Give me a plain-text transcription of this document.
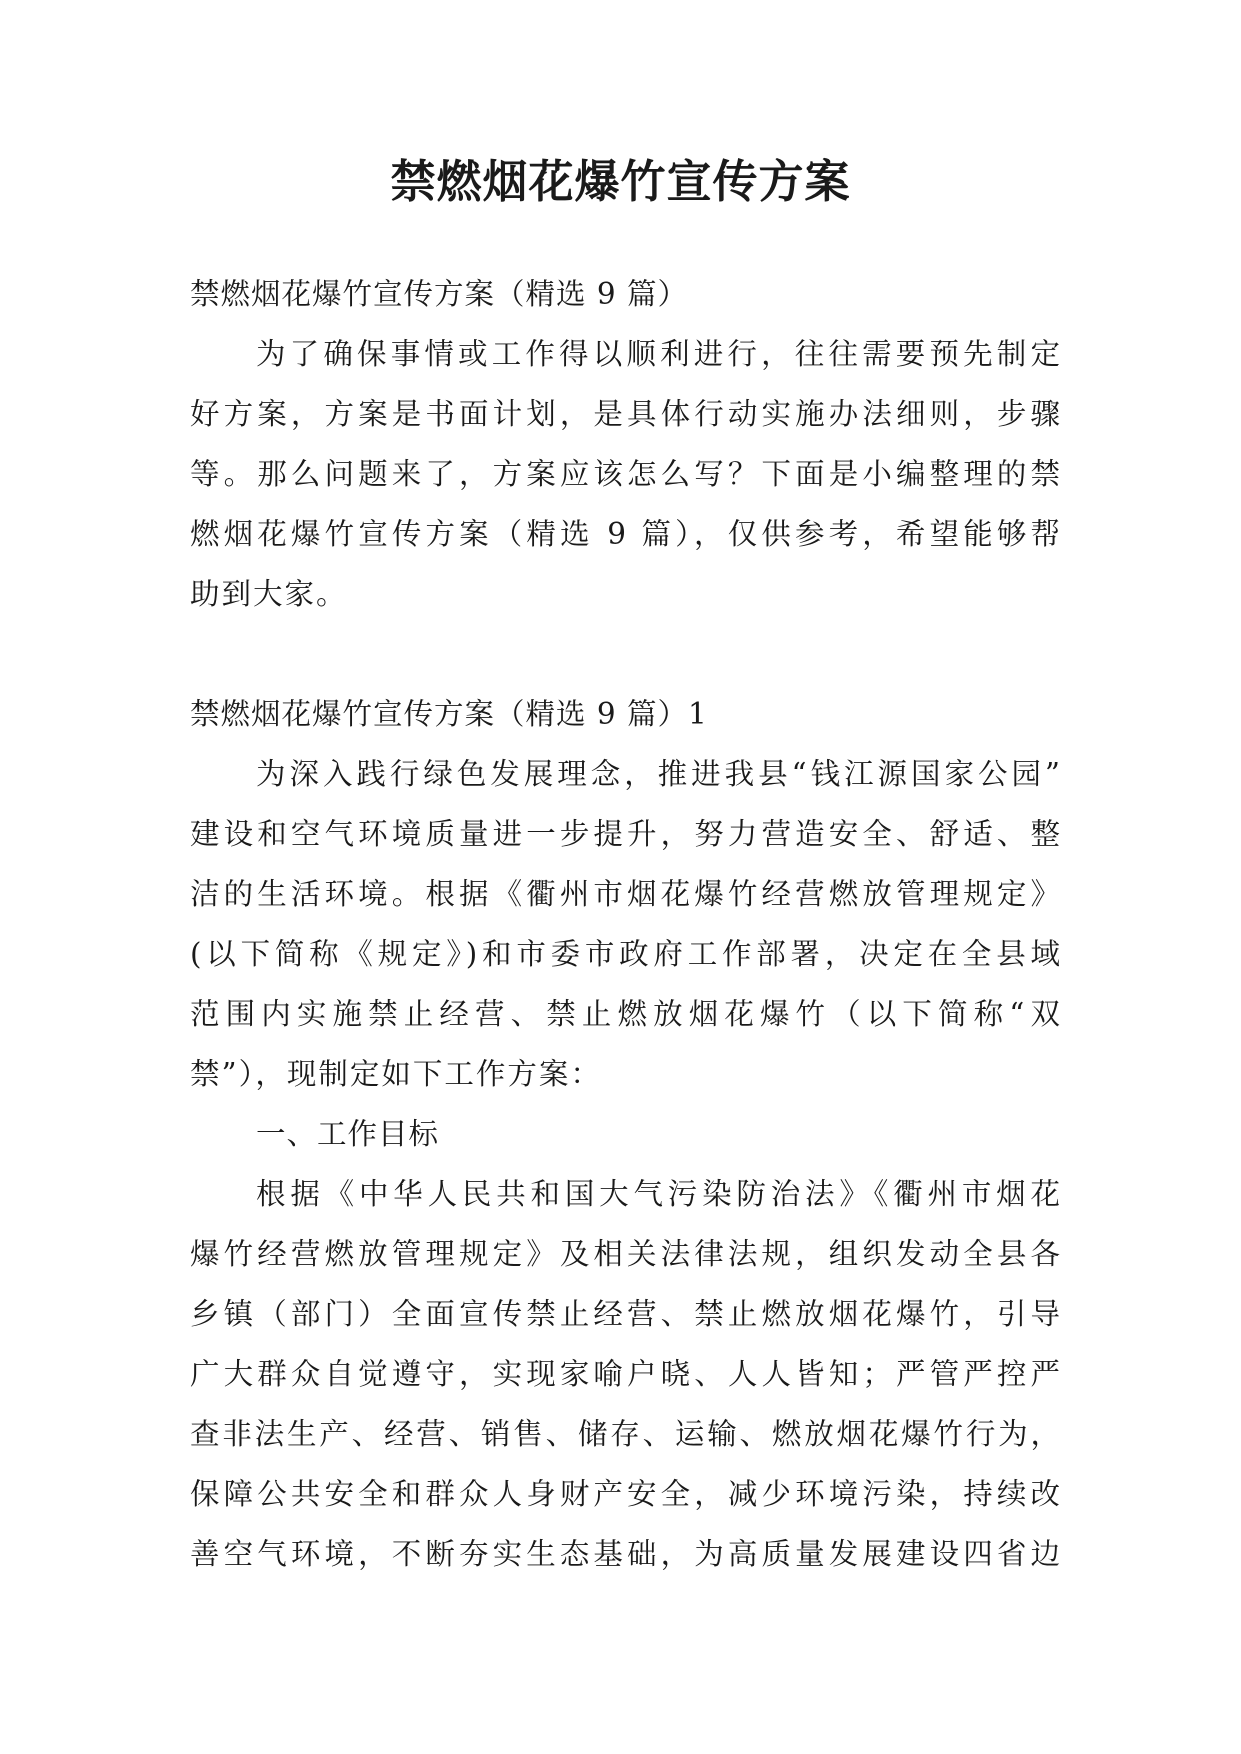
禁燃烟花爆竹宣传方案

禁燃烟花爆竹宣传方案（精选 9 篇）

为了确保事情或工作得以顺利进行，往往需要预先制定

好方案，方案是书面计划，是具体行动实施办法细则，步骤

等。那么问题来了，方案应该怎么写？下面是小编整理的禁

燃烟花爆竹宣传方案（精选 9 篇），仅供参考，希望能够帮

助到大家。

禁燃烟花爆竹宣传方案（精选 9 篇）1

为深入践行绿色发展理念，推进我县“钱江源国家公园”

建设和空气环境质量进一步提升，努力营造安全、舒适、整

洁的生活环境。根据《衢州市烟花爆竹经营燃放管理规定》

(以下简称《规定》)和市委市政府工作部署，决定在全县域

范围内实施禁止经营、禁止燃放烟花爆竹（以下简称“双

禁”），现制定如下工作方案：

一、工作目标

根据《中华人民共和国大气污染防治法》《衢州市烟花

爆竹经营燃放管理规定》及相关法律法规，组织发动全县各

乡镇（部门）全面宣传禁止经营、禁止燃放烟花爆竹，引导

广大群众自觉遵守，实现家喻户晓、人人皆知；严管严控严

查非法生产、经营、销售、储存、运输、燃放烟花爆竹行为，

保障公共安全和群众人身财产安全，减少环境污染，持续改

善空气环境，不断夯实生态基础，为高质量发展建设四省边
